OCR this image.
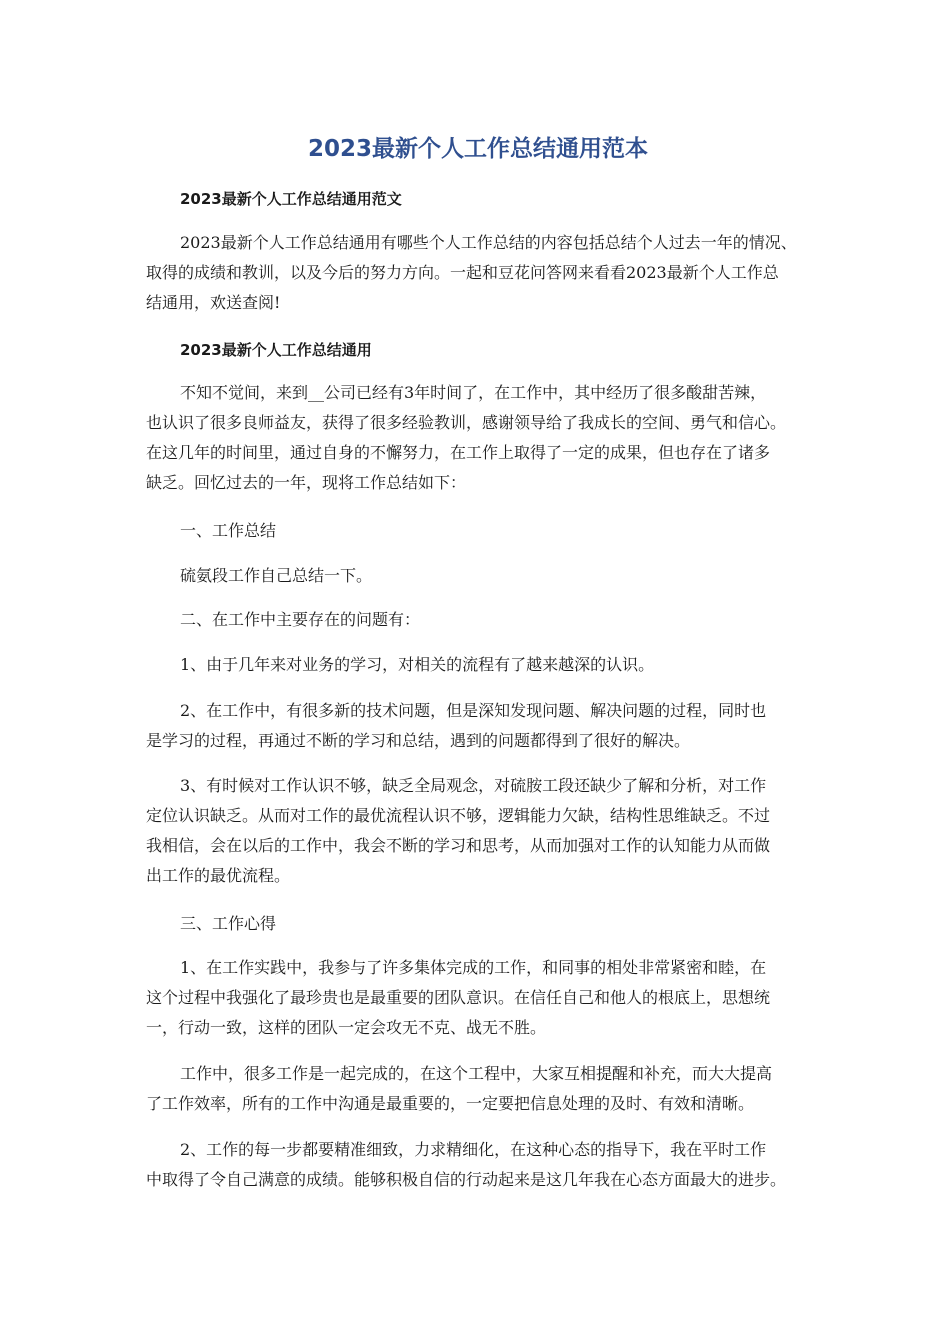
2023最新个人工作总结通用范本

2023最新个人工作总结通用范文

2023最新个人工作总结通用有哪些个人工作总结的内容包括总结个人过去一年的情况、
取得的成绩和教训，以及今后的努力方向。一起和豆花问答网来看看2023最新个人工作总
结通用，欢送查阅!

2023最新个人工作总结通用

不知不觉间，来到__公司已经有3年时间了，在工作中，其中经历了很多酸甜苦辣，
也认识了很多良师益友，获得了很多经验教训，感谢领导给了我成长的空间、勇气和信心。
在这几年的时间里，通过自身的不懈努力，在工作上取得了一定的成果，但也存在了诸多
缺乏。回忆过去的一年，现将工作总结如下：

一、工作总结

硫氨段工作自己总结一下。

二、在工作中主要存在的问题有：

1、由于几年来对业务的学习，对相关的流程有了越来越深的认识。

2、在工作中，有很多新的技术问题，但是深知发现问题、解决问题的过程，同时也
是学习的过程，再通过不断的学习和总结，遇到的问题都得到了很好的解决。

3、有时候对工作认识不够，缺乏全局观念，对硫胺工段还缺少了解和分析，对工作
定位认识缺乏。从而对工作的最优流程认识不够，逻辑能力欠缺，结构性思维缺乏。不过
我相信，会在以后的工作中，我会不断的学习和思考，从而加强对工作的认知能力从而做
出工作的最优流程。

三、工作心得

1、在工作实践中，我参与了许多集体完成的工作，和同事的相处非常紧密和睦，在
这个过程中我强化了最珍贵也是最重要的团队意识。在信任自己和他人的根底上，思想统
一，行动一致，这样的团队一定会攻无不克、战无不胜。

工作中，很多工作是一起完成的，在这个工程中，大家互相提醒和补充，而大大提高
了工作效率，所有的工作中沟通是最重要的，一定要把信息处理的及时、有效和清晰。

2、工作的每一步都要精准细致，力求精细化，在这种心态的指导下，我在平时工作
中取得了令自己满意的成绩。能够积极自信的行动起来是这几年我在心态方面最大的进步。
